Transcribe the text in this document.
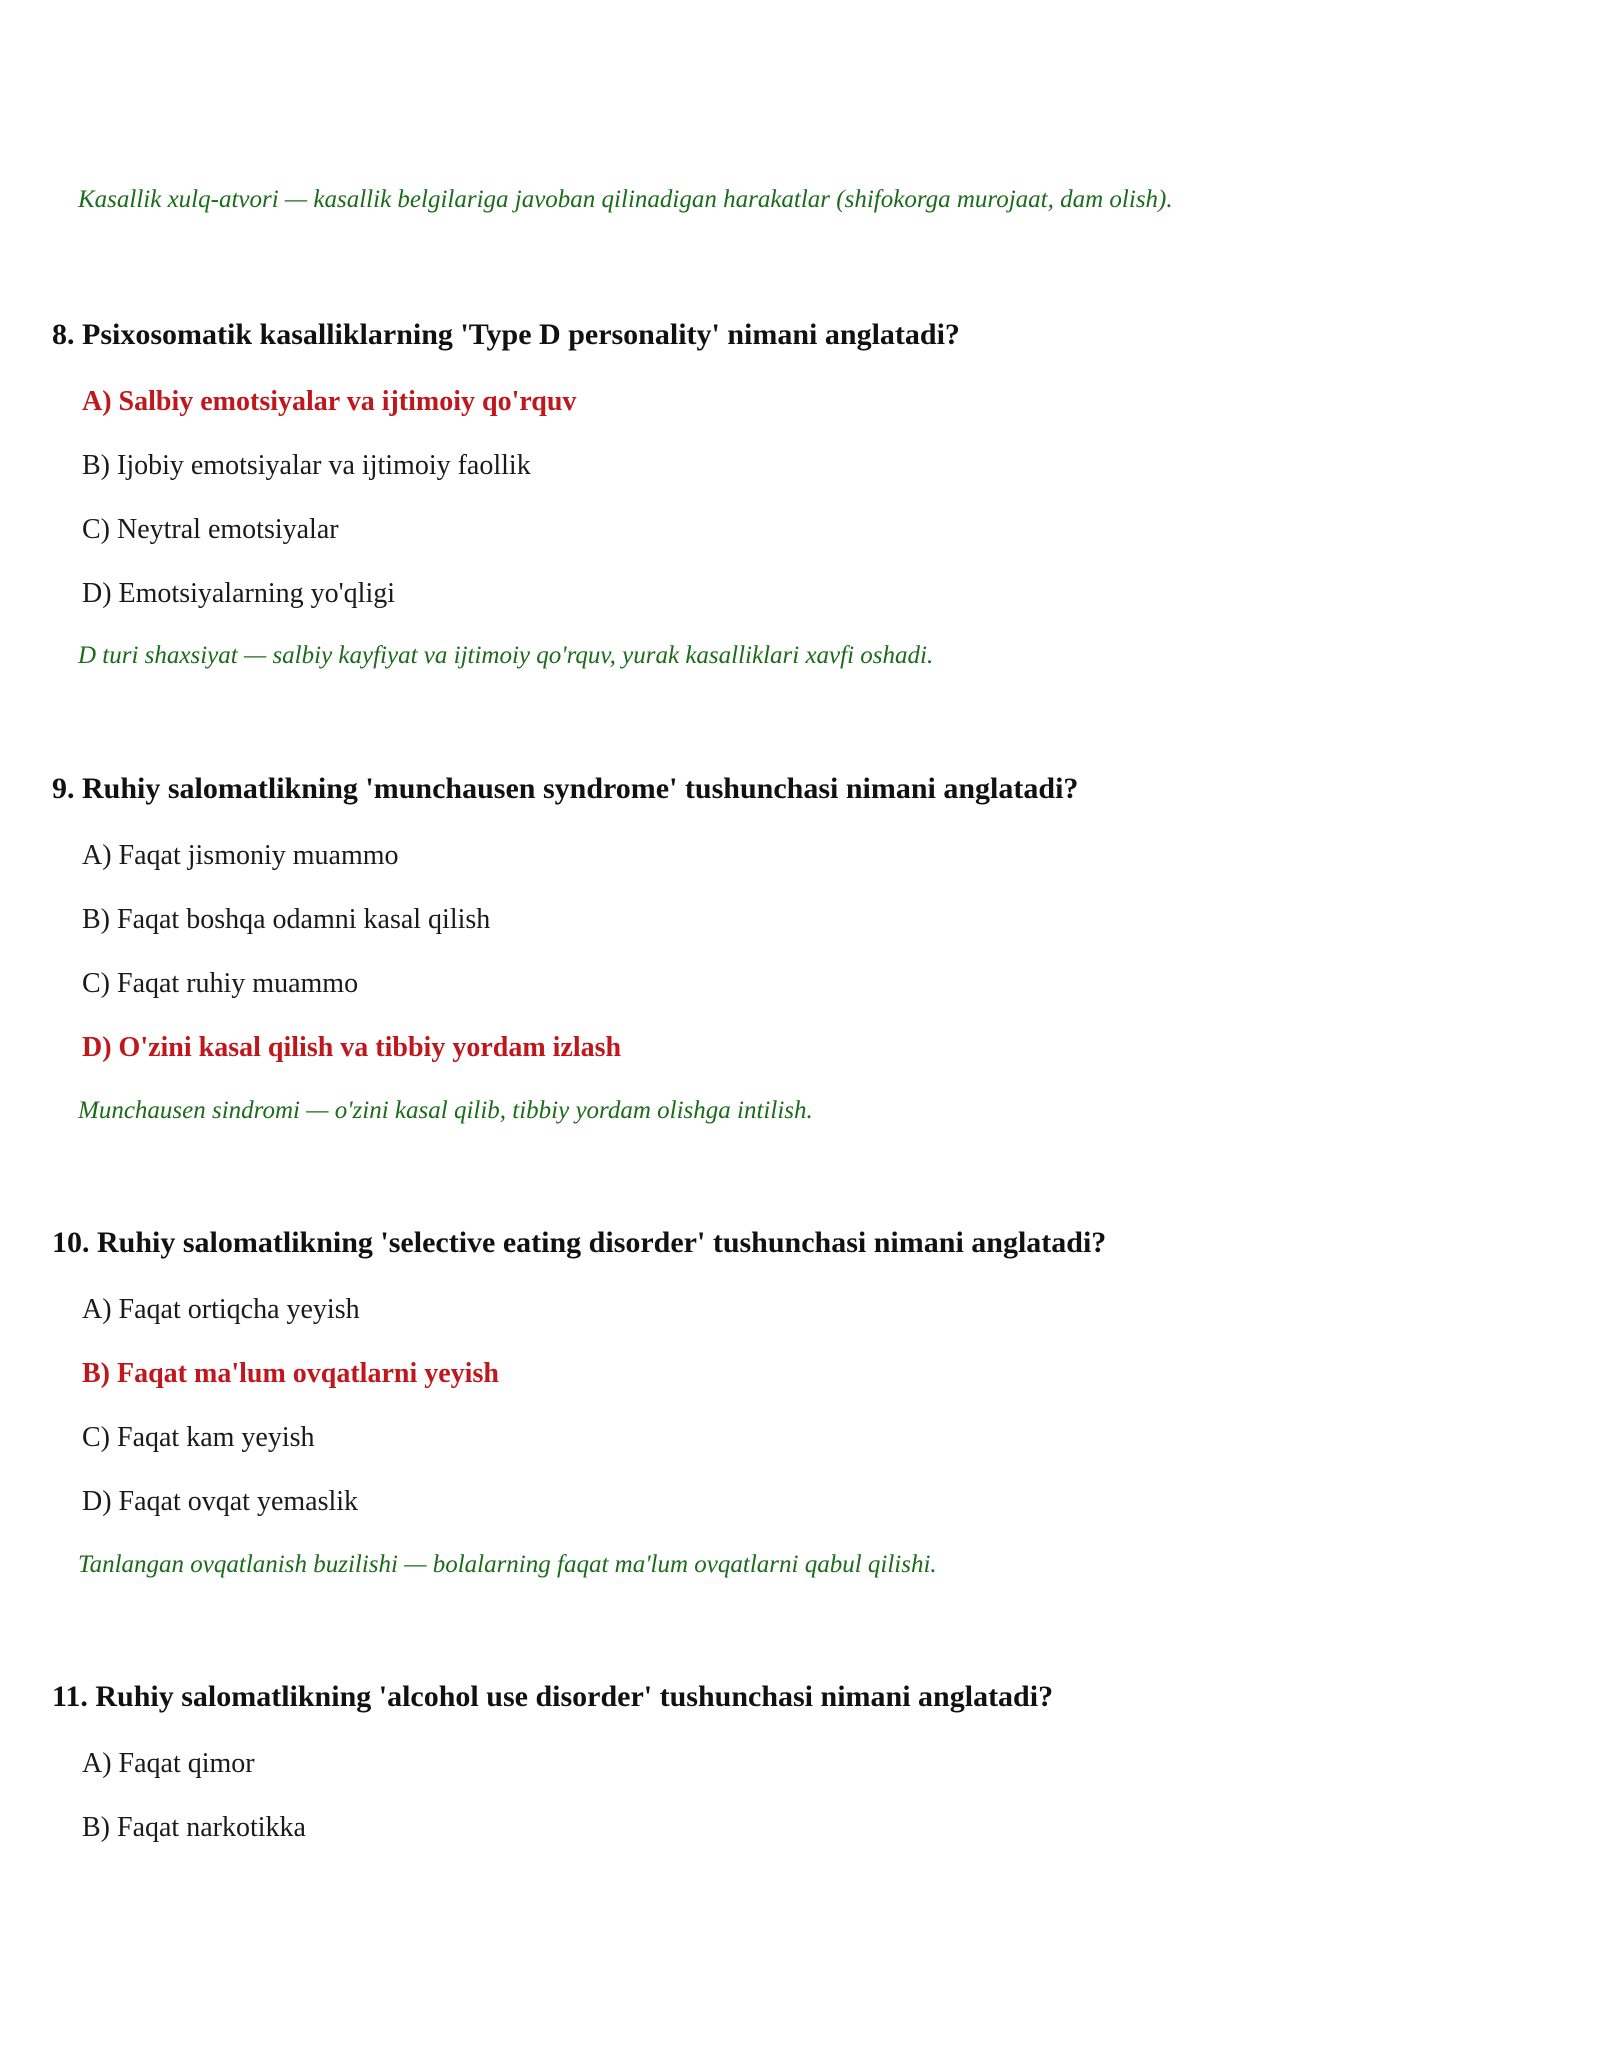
Kasallik xulq-atvori — kasallik belgilariga javoban qilinadigan harakatlar (shifokorga murojaat, dam olish).
8. Psixosomatik kasalliklarning 'Type D personality' nimani anglatadi?
A) Salbiy emotsiyalar va ijtimoiy qo'rquv
B) Ijobiy emotsiyalar va ijtimoiy faollik
C) Neytral emotsiyalar
D) Emotsiyalarning yo'qligi
D turi shaxsiyat — salbiy kayfiyat va ijtimoiy qo'rquv, yurak kasalliklari xavfi oshadi.
9. Ruhiy salomatlikning 'munchausen syndrome' tushunchasi nimani anglatadi?
A) Faqat jismoniy muammo
B) Faqat boshqa odamni kasal qilish
C) Faqat ruhiy muammo
D) O'zini kasal qilish va tibbiy yordam izlash
Munchausen sindromi — o'zini kasal qilib, tibbiy yordam olishga intilish.
10. Ruhiy salomatlikning 'selective eating disorder' tushunchasi nimani anglatadi?
A) Faqat ortiqcha yeyish
B) Faqat ma'lum ovqatlarni yeyish
C) Faqat kam yeyish
D) Faqat ovqat yemaslik
Tanlangan ovqatlanish buzilishi — bolalarning faqat ma'lum ovqatlarni qabul qilishi.
11. Ruhiy salomatlikning 'alcohol use disorder' tushunchasi nimani anglatadi?
A) Faqat qimor
B) Faqat narkotikka
